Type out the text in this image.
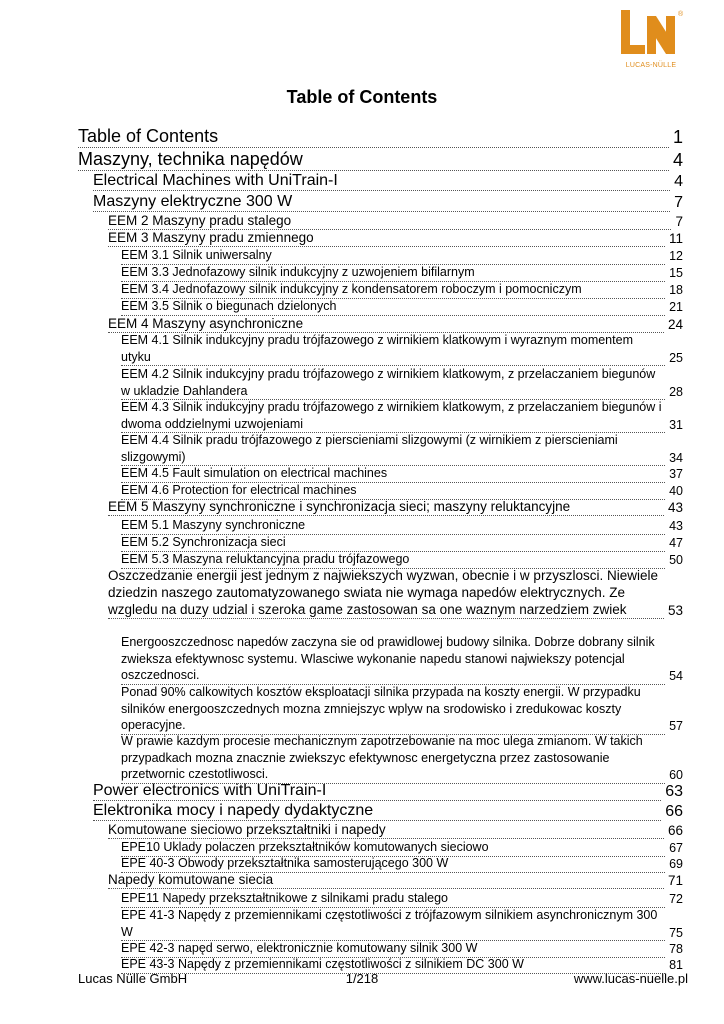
®
LUCAS-NÜLLE
Table of Contents
Table of Contents	1
Maszyny, technika napędów	4
Electrical Machines with UniTrain-I	4
Maszyny elektryczne 300 W	7
EEM 2 Maszyny pradu stalego	7
EEM 3 Maszyny pradu zmiennego	11
EEM 3.1 Silnik uniwersalny	12
EEM 3.3 Jednofazowy silnik indukcyjny z uzwojeniem bifilarnym	15
EEM 3.4 Jednofazowy silnik indukcyjny z kondensatorem roboczym i pomocniczym	18
EEM 3.5 Silnik o biegunach dzielonych	21
EEM 4 Maszyny asynchroniczne	24
EEM 4.1 Silnik indukcyjny pradu trójfazowego z wirnikiem klatkowym i wyraznym momentem utyku	25
EEM 4.2 Silnik indukcyjny pradu trójfazowego z wirnikiem klatkowym, z przelaczaniem biegunów w ukladzie Dahlandera	28
EEM 4.3 Silnik indukcyjny pradu trójfazowego z wirnikiem klatkowym, z przelaczaniem biegunów i dwoma oddzielnymi uzwojeniami	31
EEM 4.4 Silnik pradu trójfazowego z pierscieniami slizgowymi (z wirnikiem z pierscieniami slizgowymi)	34
EEM 4.5 Fault simulation on electrical machines	37
EEM 4.6 Protection for electrical machines	40
EEM 5 Maszyny synchroniczne i synchronizacja sieci; maszyny reluktancyjne	43
EEM 5.1 Maszyny synchroniczne	43
EEM 5.2 Synchronizacja sieci	47
EEM 5.3 Maszyna reluktancyjna pradu trójfazowego	50
Oszczedzanie energii jest jednym z najwiekszych wyzwan, obecnie i w przyszlosci. Niewiele dziedzin naszego zautomatyzowanego swiata nie wymaga napedów elektrycznych. Ze wzgledu na duzy udzial i szeroka game zastosowan sa one waznym narzedziem zwiek	53
Energooszczednosc napedów zaczyna sie od prawidlowej budowy silnika. Dobrze dobrany silnik zwieksza efektywnosc systemu. Wlasciwe wykonanie napedu stanowi najwiekszy potencjal oszczednosci.	54
Ponad 90% calkowitych kosztów eksploatacji silnika przypada na koszty energii. W przypadku silników energooszczednych mozna zmniejszyc wplyw na srodowisko i zredukowac koszty operacyjne.	57
W prawie kazdym procesie mechanicznym zapotrzebowanie na moc ulega zmianom. W takich przypadkach mozna znacznie zwiekszyc efektywnosc energetyczna przez zastosowanie przetwornic czestotliwosci.	60
Power electronics with UniTrain-I	63
Elektronika mocy i napedy dydaktyczne	66
Komutowane sieciowo przekształtniki i napedy	66
EPE10 Uklady polaczen przekształtników komutowanych sieciowo	67
EPE 40-3 Obwody przekształtnika samosterującego 300 W	69
Napedy komutowane siecia	71
EPE11 Napedy przekształtnikowe z silnikami pradu stalego	72
EPE 41-3 Napędy z przemiennikami częstotliwości z trójfazowym silnikiem asynchronicznym 300 W	75
EPE 42-3 napęd serwo, elektronicznie komutowany silnik 300 W	78
EPE 43-3 Napędy z przemiennikami częstotliwości z silnikiem DC 300 W	81
Lucas Nülle GmbH	1/218	www.lucas-nuelle.pl
